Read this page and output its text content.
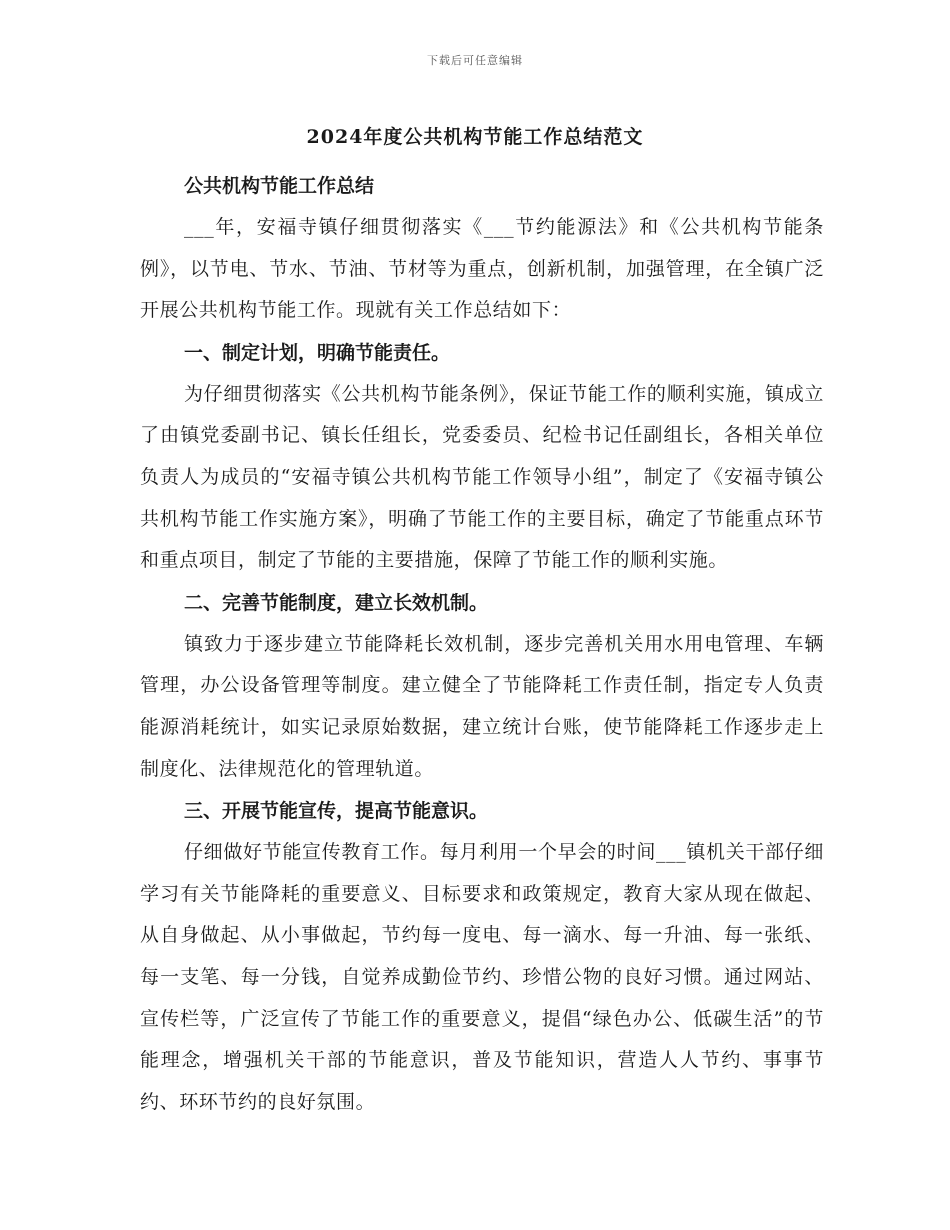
下载后可任意编辑
2024年度公共机构节能工作总结范文

公共机构节能工作总结

___年，安福寺镇仔细贯彻落实《___节约能源法》和《公共机构节能条例》，以节电、节水、节油、节材等为重点，创新机制，加强管理，在全镇广泛开展公共机构节能工作。现就有关工作总结如下：

一、制定计划，明确节能责任。

为仔细贯彻落实《公共机构节能条例》，保证节能工作的顺利实施，镇成立了由镇党委副书记、镇长任组长，党委委员、纪检书记任副组长，各相关单位负责人为成员的“安福寺镇公共机构节能工作领导小组”，制定了《安福寺镇公共机构节能工作实施方案》，明确了节能工作的主要目标，确定了节能重点环节和重点项目，制定了节能的主要措施，保障了节能工作的顺利实施。

二、完善节能制度，建立长效机制。

镇致力于逐步建立节能降耗长效机制，逐步完善机关用水用电管理、车辆管理，办公设备管理等制度。建立健全了节能降耗工作责任制，指定专人负责能源消耗统计，如实记录原始数据，建立统计台账，使节能降耗工作逐步走上制度化、法律规范化的管理轨道。

三、开展节能宣传，提高节能意识。

仔细做好节能宣传教育工作。每月利用一个早会的时间___镇机关干部仔细学习有关节能降耗的重要意义、目标要求和政策规定，教育大家从现在做起、从自身做起、从小事做起，节约每一度电、每一滴水、每一升油、每一张纸、每一支笔、每一分钱，自觉养成勤俭节约、珍惜公物的良好习惯。通过网站、宣传栏等，广泛宣传了节能工作的重要意义，提倡“绿色办公、低碳生活”的节能理念，增强机关干部的节能意识，普及节能知识，营造人人节约、事事节约、环环节约的良好氛围。
